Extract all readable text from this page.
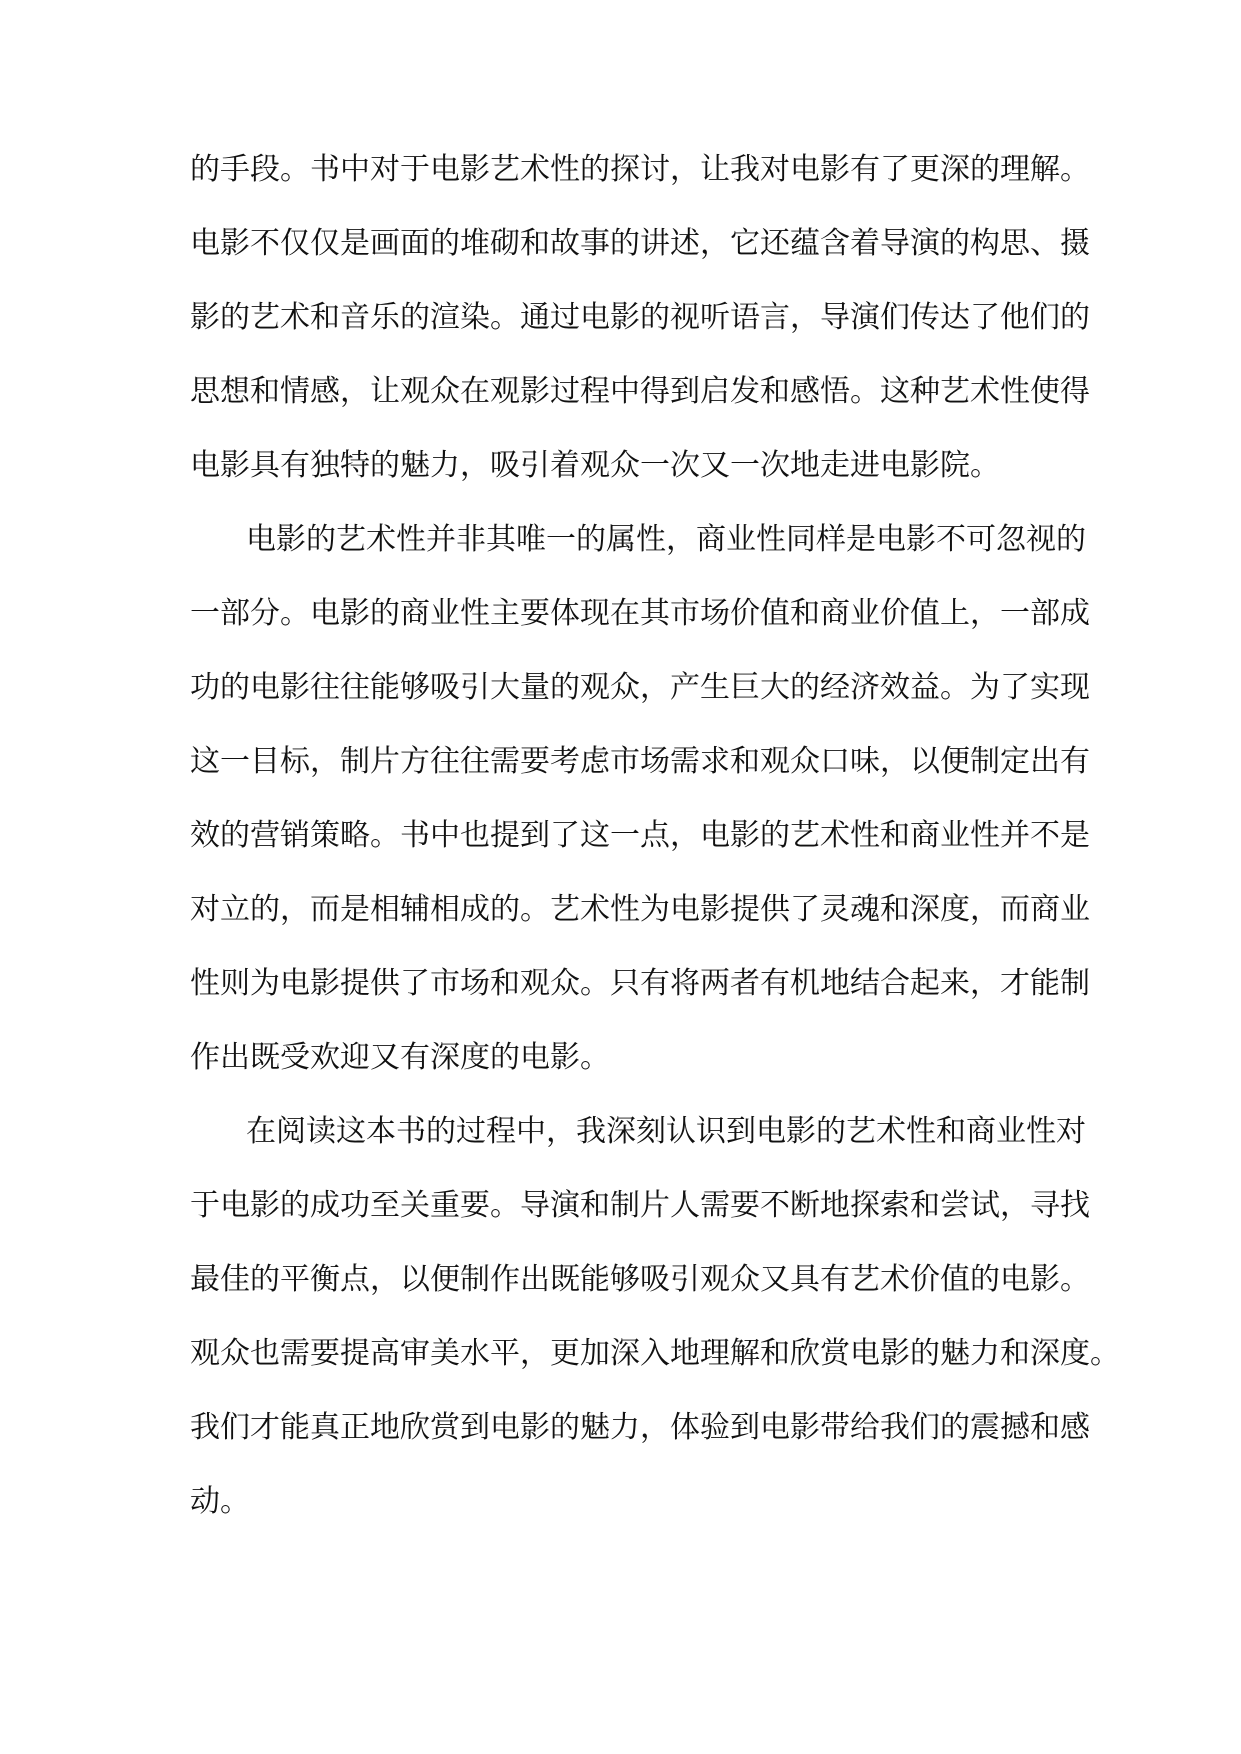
的手段。书中对于电影艺术性的探讨，让我对电影有了更深的理解。
电影不仅仅是画面的堆砌和故事的讲述，它还蕴含着导演的构思、摄
影的艺术和音乐的渲染。通过电影的视听语言，导演们传达了他们的
思想和情感，让观众在观影过程中得到启发和感悟。这种艺术性使得
电影具有独特的魅力，吸引着观众一次又一次地走进电影院。
电影的艺术性并非其唯一的属性，商业性同样是电影不可忽视的
一部分。电影的商业性主要体现在其市场价值和商业价值上，一部成
功的电影往往能够吸引大量的观众，产生巨大的经济效益。为了实现
这一目标，制片方往往需要考虑市场需求和观众口味，以便制定出有
效的营销策略。书中也提到了这一点，电影的艺术性和商业性并不是
对立的，而是相辅相成的。艺术性为电影提供了灵魂和深度，而商业
性则为电影提供了市场和观众。只有将两者有机地结合起来，才能制
作出既受欢迎又有深度的电影。
在阅读这本书的过程中，我深刻认识到电影的艺术性和商业性对
于电影的成功至关重要。导演和制片人需要不断地探索和尝试，寻找
最佳的平衡点，以便制作出既能够吸引观众又具有艺术价值的电影。
观众也需要提高审美水平，更加深入地理解和欣赏电影的魅力和深度。
我们才能真正地欣赏到电影的魅力，体验到电影带给我们的震撼和感
动。
